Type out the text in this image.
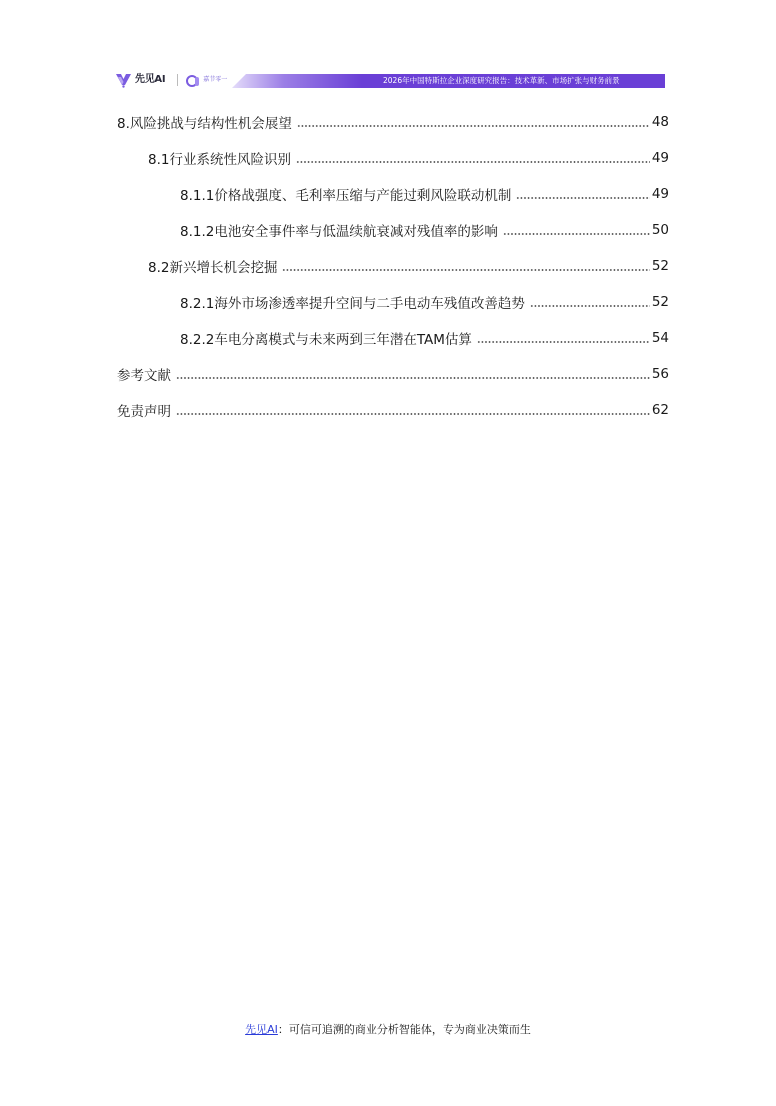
先见AI	嘉节零一	2026年中国特斯拉企业深度研究报告：技术革新、市场扩张与财务前景
8.风险挑战与结构性机会展望	48
8.1行业系统性风险识别	49
8.1.1价格战强度、毛利率压缩与产能过剩风险联动机制	49
8.1.2电池安全事件率与低温续航衰减对残值率的影响	50
8.2新兴增长机会挖掘	52
8.2.1海外市场渗透率提升空间与二手电动车残值改善趋势	52
8.2.2车电分离模式与未来两到三年潜在TAM估算	54
参考文献	56
免责声明	62
先见AI：可信可追溯的商业分析智能体，专为商业决策而生
